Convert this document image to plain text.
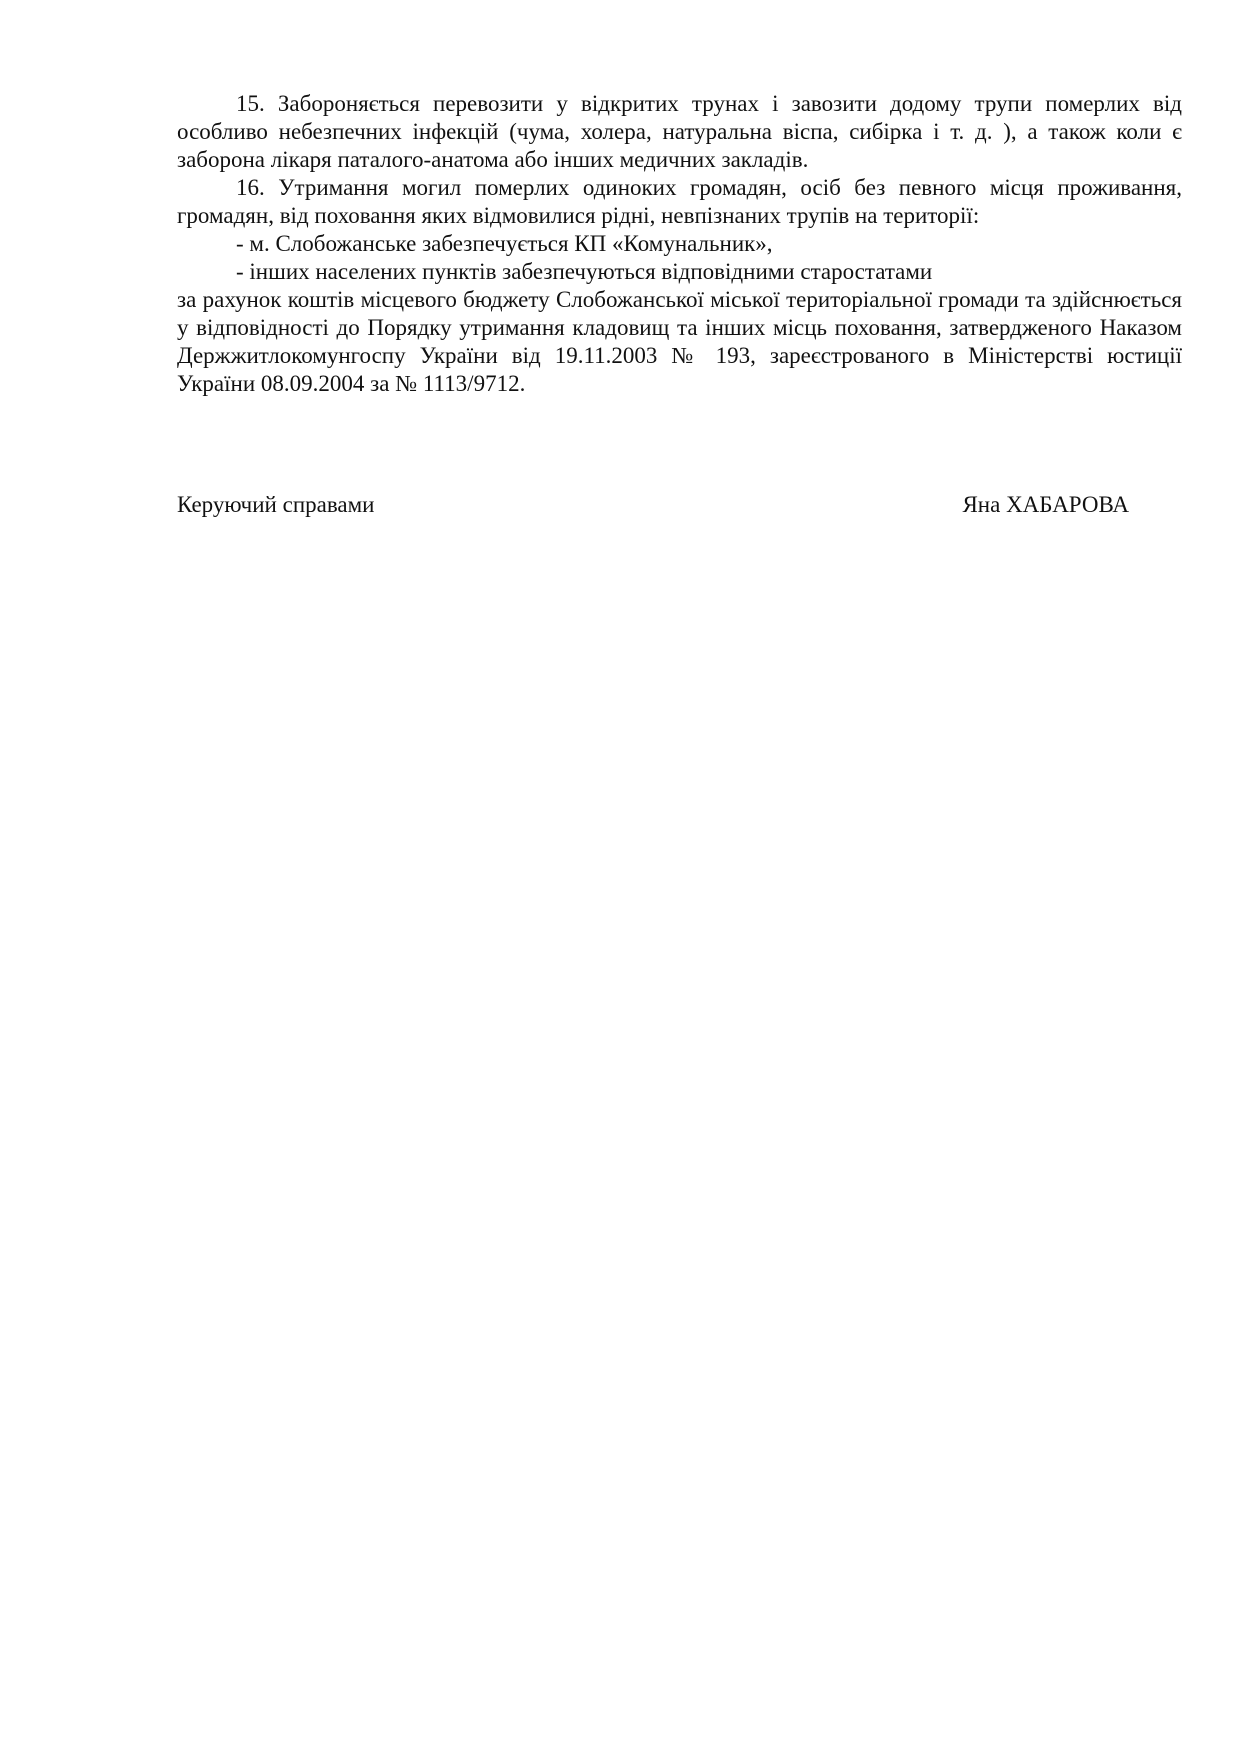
15. Забороняється перевозити у відкритих трунах і завозити додому трупи померлих від особливо небезпечних інфекцій (чума, холера, натуральна віспа, сибірка і т. д. ), а також коли є заборона лікаря паталого-анатома або інших медичних закладів.

16. Утримання могил померлих одиноких громадян, осіб без певного місця проживання, громадян, від поховання яких відмовилися рідні, невпізнаних трупів на території:

- м. Слобожанське забезпечується КП «Комунальник»,

- інших населених пунктів забезпечуються відповідними старостатами

за рахунок коштів місцевого бюджету Слобожанської міської територіальної громади та здійснюється у відповідності до Порядку утримання кладовищ та інших місць поховання, затвердженого Наказом Держжитлокомунгоспу України від 19.11.2003 № 193, зареєстрованого в Міністерстві юстиції України 08.09.2004 за № 1113/9712.

Керуючий справами	Яна ХАБАРОВА
